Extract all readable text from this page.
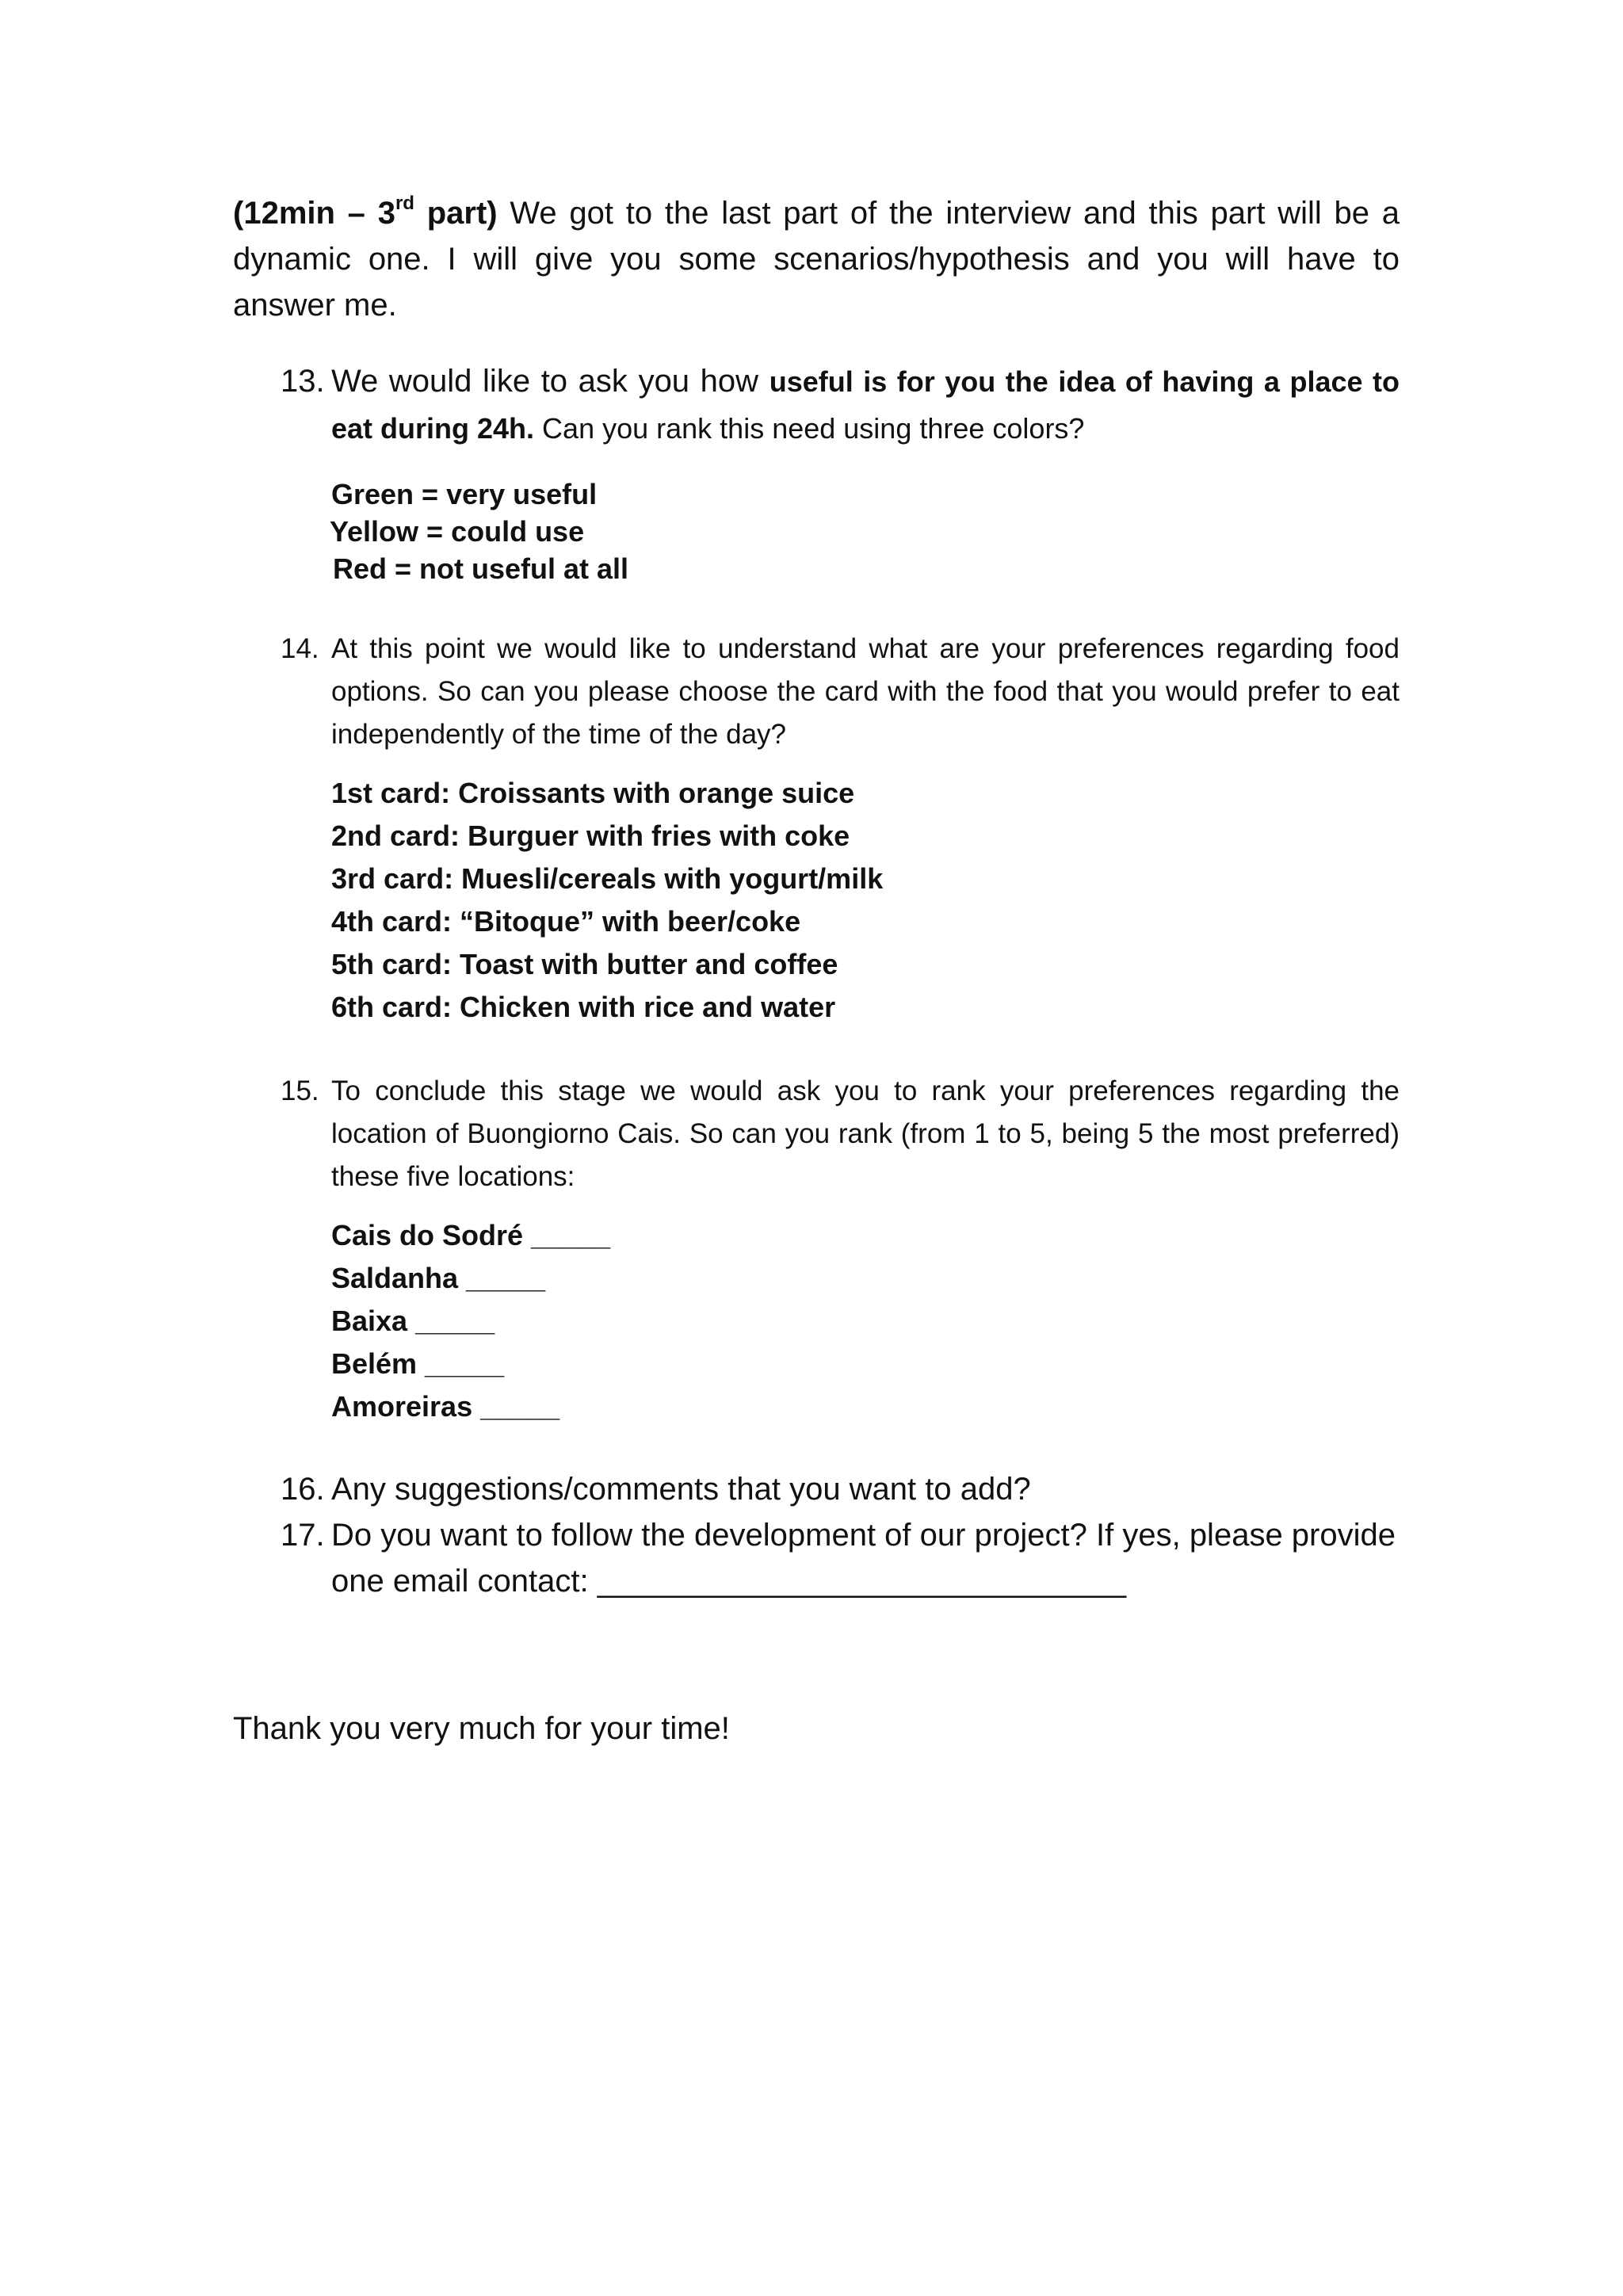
(12min – 3rd part) We got to the last part of the interview and this part will be a dynamic one. I will give you some scenarios/hypothesis and you will have to answer me.

13. We would like to ask you how useful is for you the idea of having a place to eat during 24h. Can you rank this need using three colors?
Green = very useful
Yellow = could use
Red = not useful at all
14. At this point we would like to understand what are your preferences regarding food options. So can you please choose the card with the food that you would prefer to eat independently of the time of the day?
1st card: Croissants with orange suice
2nd card: Burguer with fries with coke
3rd card: Muesli/cereals with yogurt/milk
4th card: “Bitoque” with beer/coke
5th card: Toast with butter and coffee
6th card: Chicken with rice and water
15. To conclude this stage we would ask you to rank your preferences regarding the location of Buongiorno Cais. So can you rank (from 1 to 5, being 5 the most preferred) these five locations:
Cais do Sodré _____
Saldanha _____
Baixa _____
Belém _____
Amoreiras _____
16. Any suggestions/comments that you want to add?
17. Do you want to follow the development of our project? If yes, please provide one email contact: ______________________________

Thank you very much for your time!
